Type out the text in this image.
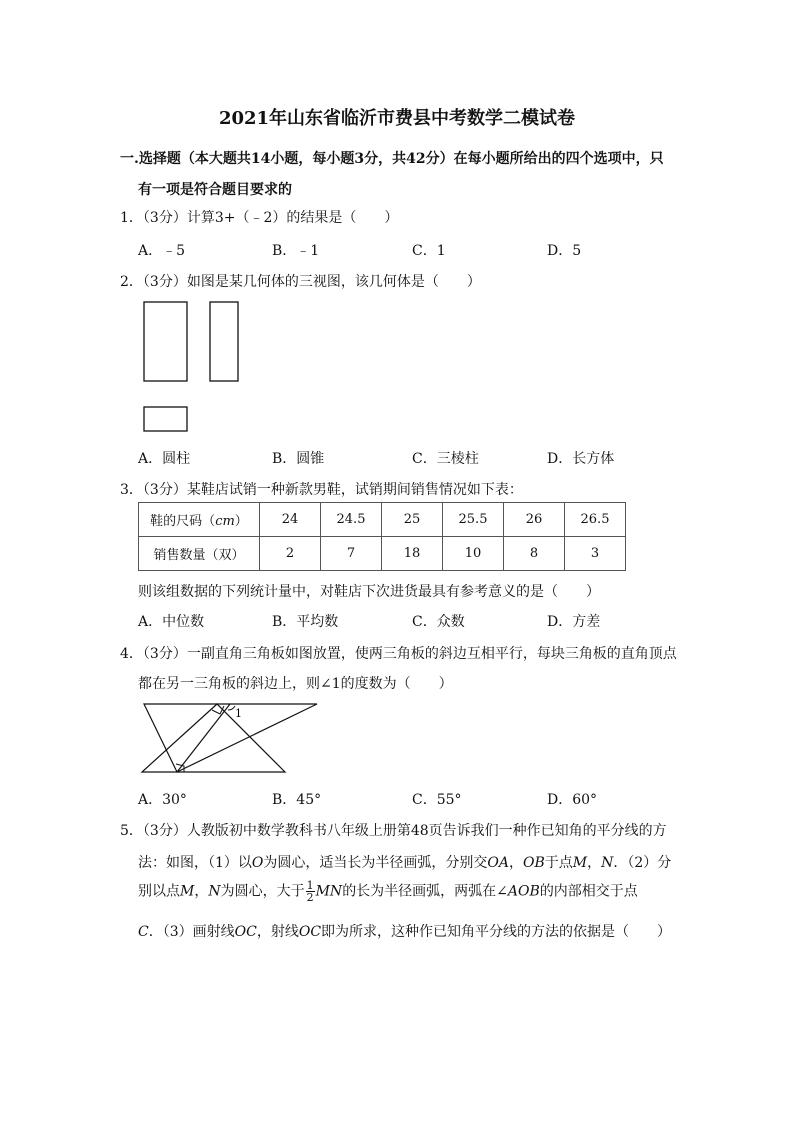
2021年山东省临沂市费县中考数学二模试卷
一.选择题（本大题共14小题，每小题3分，共42分）在每小题所给出的四个选项中，只
有一项是符合题目要求的
1．（3分）计算3+（﹣2）的结果是（　　）
A．﹣5	B．﹣1	C．1	D．5
2．（3分）如图是某几何体的三视图，该几何体是（　　）
A．圆柱	B．圆锥	C．三棱柱	D．长方体
3．（3分）某鞋店试销一种新款男鞋，试销期间销售情况如下表：
鞋的尺码（cm）	24	24.5	25	25.5	26	26.5
销售数量（双）	2	7	18	10	8	3
则该组数据的下列统计量中，对鞋店下次进货最具有参考意义的是（　　）
A．中位数	B．平均数	C．众数	D．方差
4．（3分）一副直角三角板如图放置，使两三角板的斜边互相平行，每块三角板的直角顶点
都在另一三角板的斜边上，则∠1的度数为（　　）
1
A．30°	B．45°	C．55°	D．60°
5．（3分）人教版初中数学教科书八年级上册第48页告诉我们一种作已知角的平分线的方
法：如图，（1）以O为圆心，适当长为半径画弧，分别交OA，OB于点M，N．（2）分
别以点M，N为圆心，大于 $\frac{1}{2}$ MN的长为半径画弧，两弧在∠AOB的内部相交于点
C．（3）画射线OC，射线OC即为所求，这种作已知角平分线的方法的依据是（　　）
